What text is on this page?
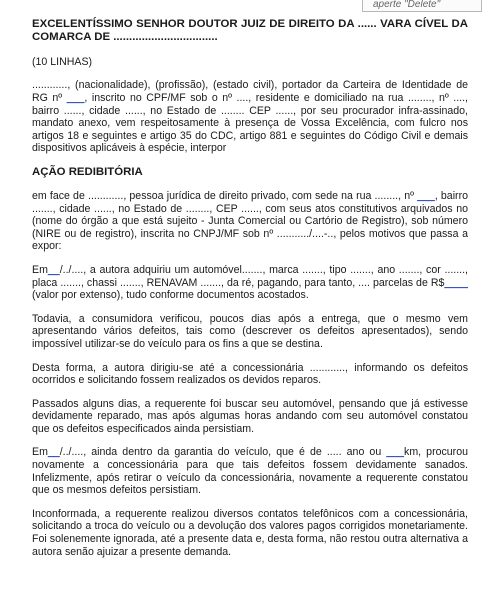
aperte "Delete"
EXCELENTÍSSIMO SENHOR DOUTOR JUIZ DE DIREITO DA ...... VARA CÍVEL DA COMARCA DE .................................
(10 LINHAS)
............, (nacionalidade), (profissão), (estado civil), portador da Carteira de Identidade de RG nº ___, inscrito no CPF/MF sob o nº ...., residente e domiciliado na rua ........, nº ...., bairro ......, cidade ......, no Estado de ........ CEP ......, por seu procurador infra-assinado, mandato anexo, vem respeitosamente à presença de Vossa Excelência, com fulcro nos artigos 18 e seguintes e artigo 35 do CDC, artigo 881 e seguintes do Código Civil e demais dispositivos aplicáveis à espécie, interpor
AÇÃO REDIBITÓRIA
em face de ............, pessoa jurídica de direito privado, com sede na rua ........, nº ___, bairro ......., cidade ......, no Estado de ........, CEP ......, com seus atos constitutivos arquivados no (nome do órgão a que está sujeito - Junta Comercial ou Cartório de Registro), sob número (NIRE ou de registro), inscrita no CNPJ/MF sob nº .........../....-.., pelos motivos que passa a expor:
Em__/../...., a autora adquiriu um automóvel......., marca ......., tipo ......., ano ......., cor ......., placa ......., chassi ......., RENAVAM ......., da ré, pagando, para tanto, .... parcelas de R$____ (valor por extenso), tudo conforme documentos acostados.
Todavia, a consumidora verificou, poucos dias após a entrega, que o mesmo vem apresentando vários defeitos, tais como (descrever os defeitos apresentados), sendo impossível utilizar-se do veículo para os fins a que se destina.
Desta forma, a autora dirigiu-se até a concessionária ............, informando os defeitos ocorridos e solicitando fossem realizados os devidos reparos.
Passados alguns dias, a requerente foi buscar seu automóvel, pensando que já estivesse devidamente reparado, mas após algumas horas andando com seu automóvel constatou que os defeitos especificados ainda persistiam.
Em__/../...., ainda dentro da garantia do veículo, que é de ..... ano ou ___km, procurou novamente a concessionária para que tais defeitos fossem devidamente sanados. Infelizmente, após retirar o veículo da concessionária, novamente a requerente constatou que os mesmos defeitos persistiam.
Inconformada, a requerente realizou diversos contatos telefônicos com a concessionária, solicitando a troca do veículo ou a devolução dos valores pagos corrigidos monetariamente. Foi solenemente ignorada, até a presente data e, desta forma, não restou outra alternativa a autora senão ajuizar a presente demanda.
